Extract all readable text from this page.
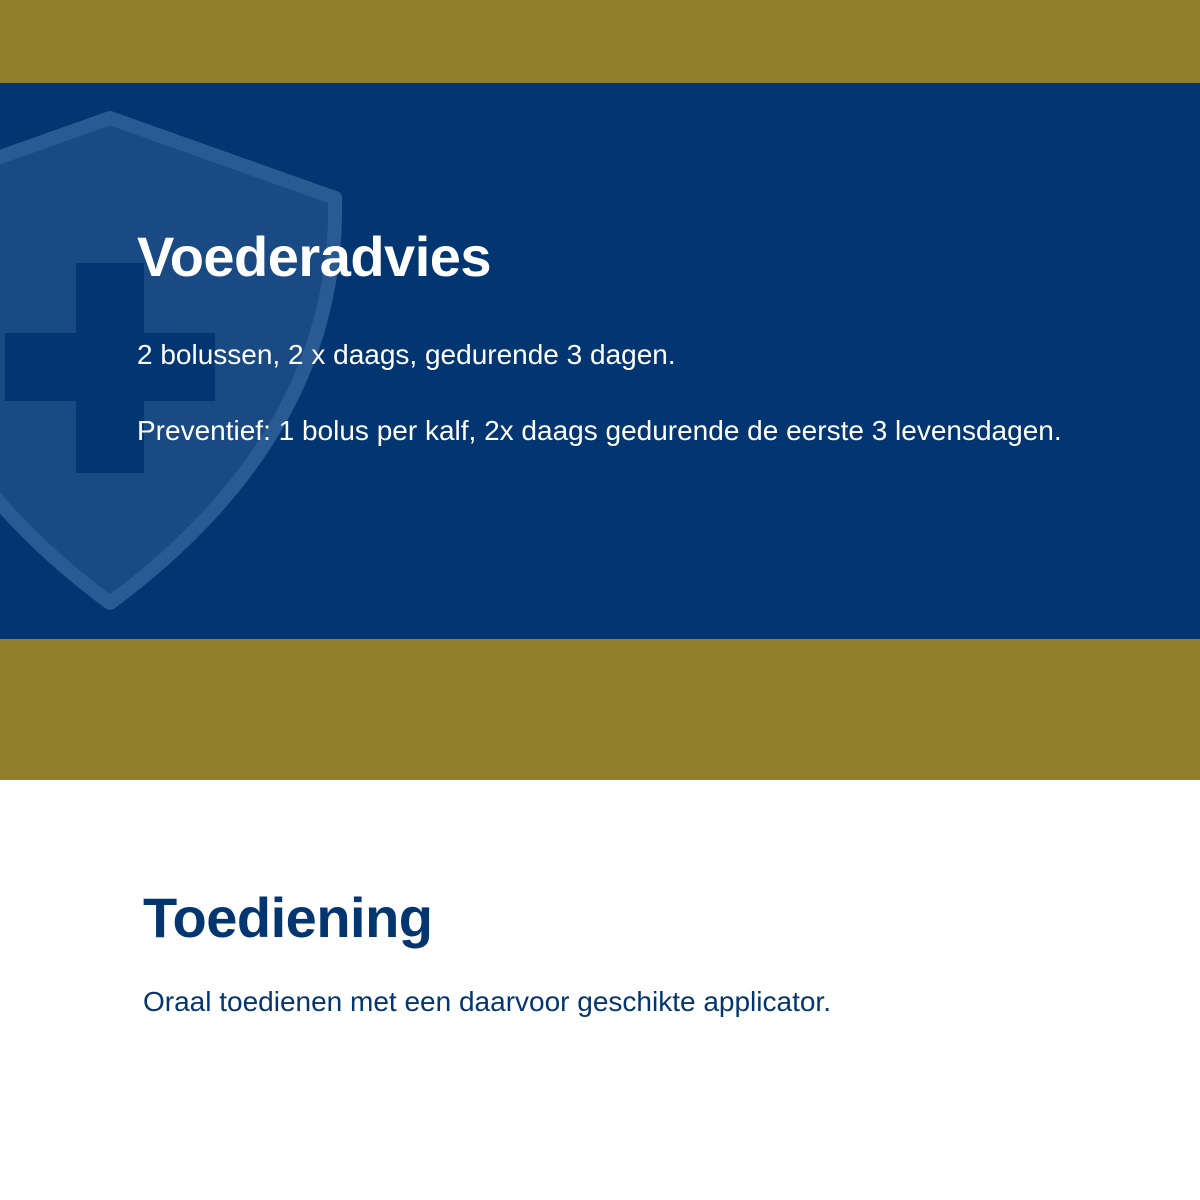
Voederadvies

2 bolussen, 2 x daags, gedurende 3 dagen.

Preventief: 1 bolus per kalf, 2x daags gedurende de eerste 3 levensdagen.

Toediening

Oraal toedienen met een daarvoor geschikte applicator.
